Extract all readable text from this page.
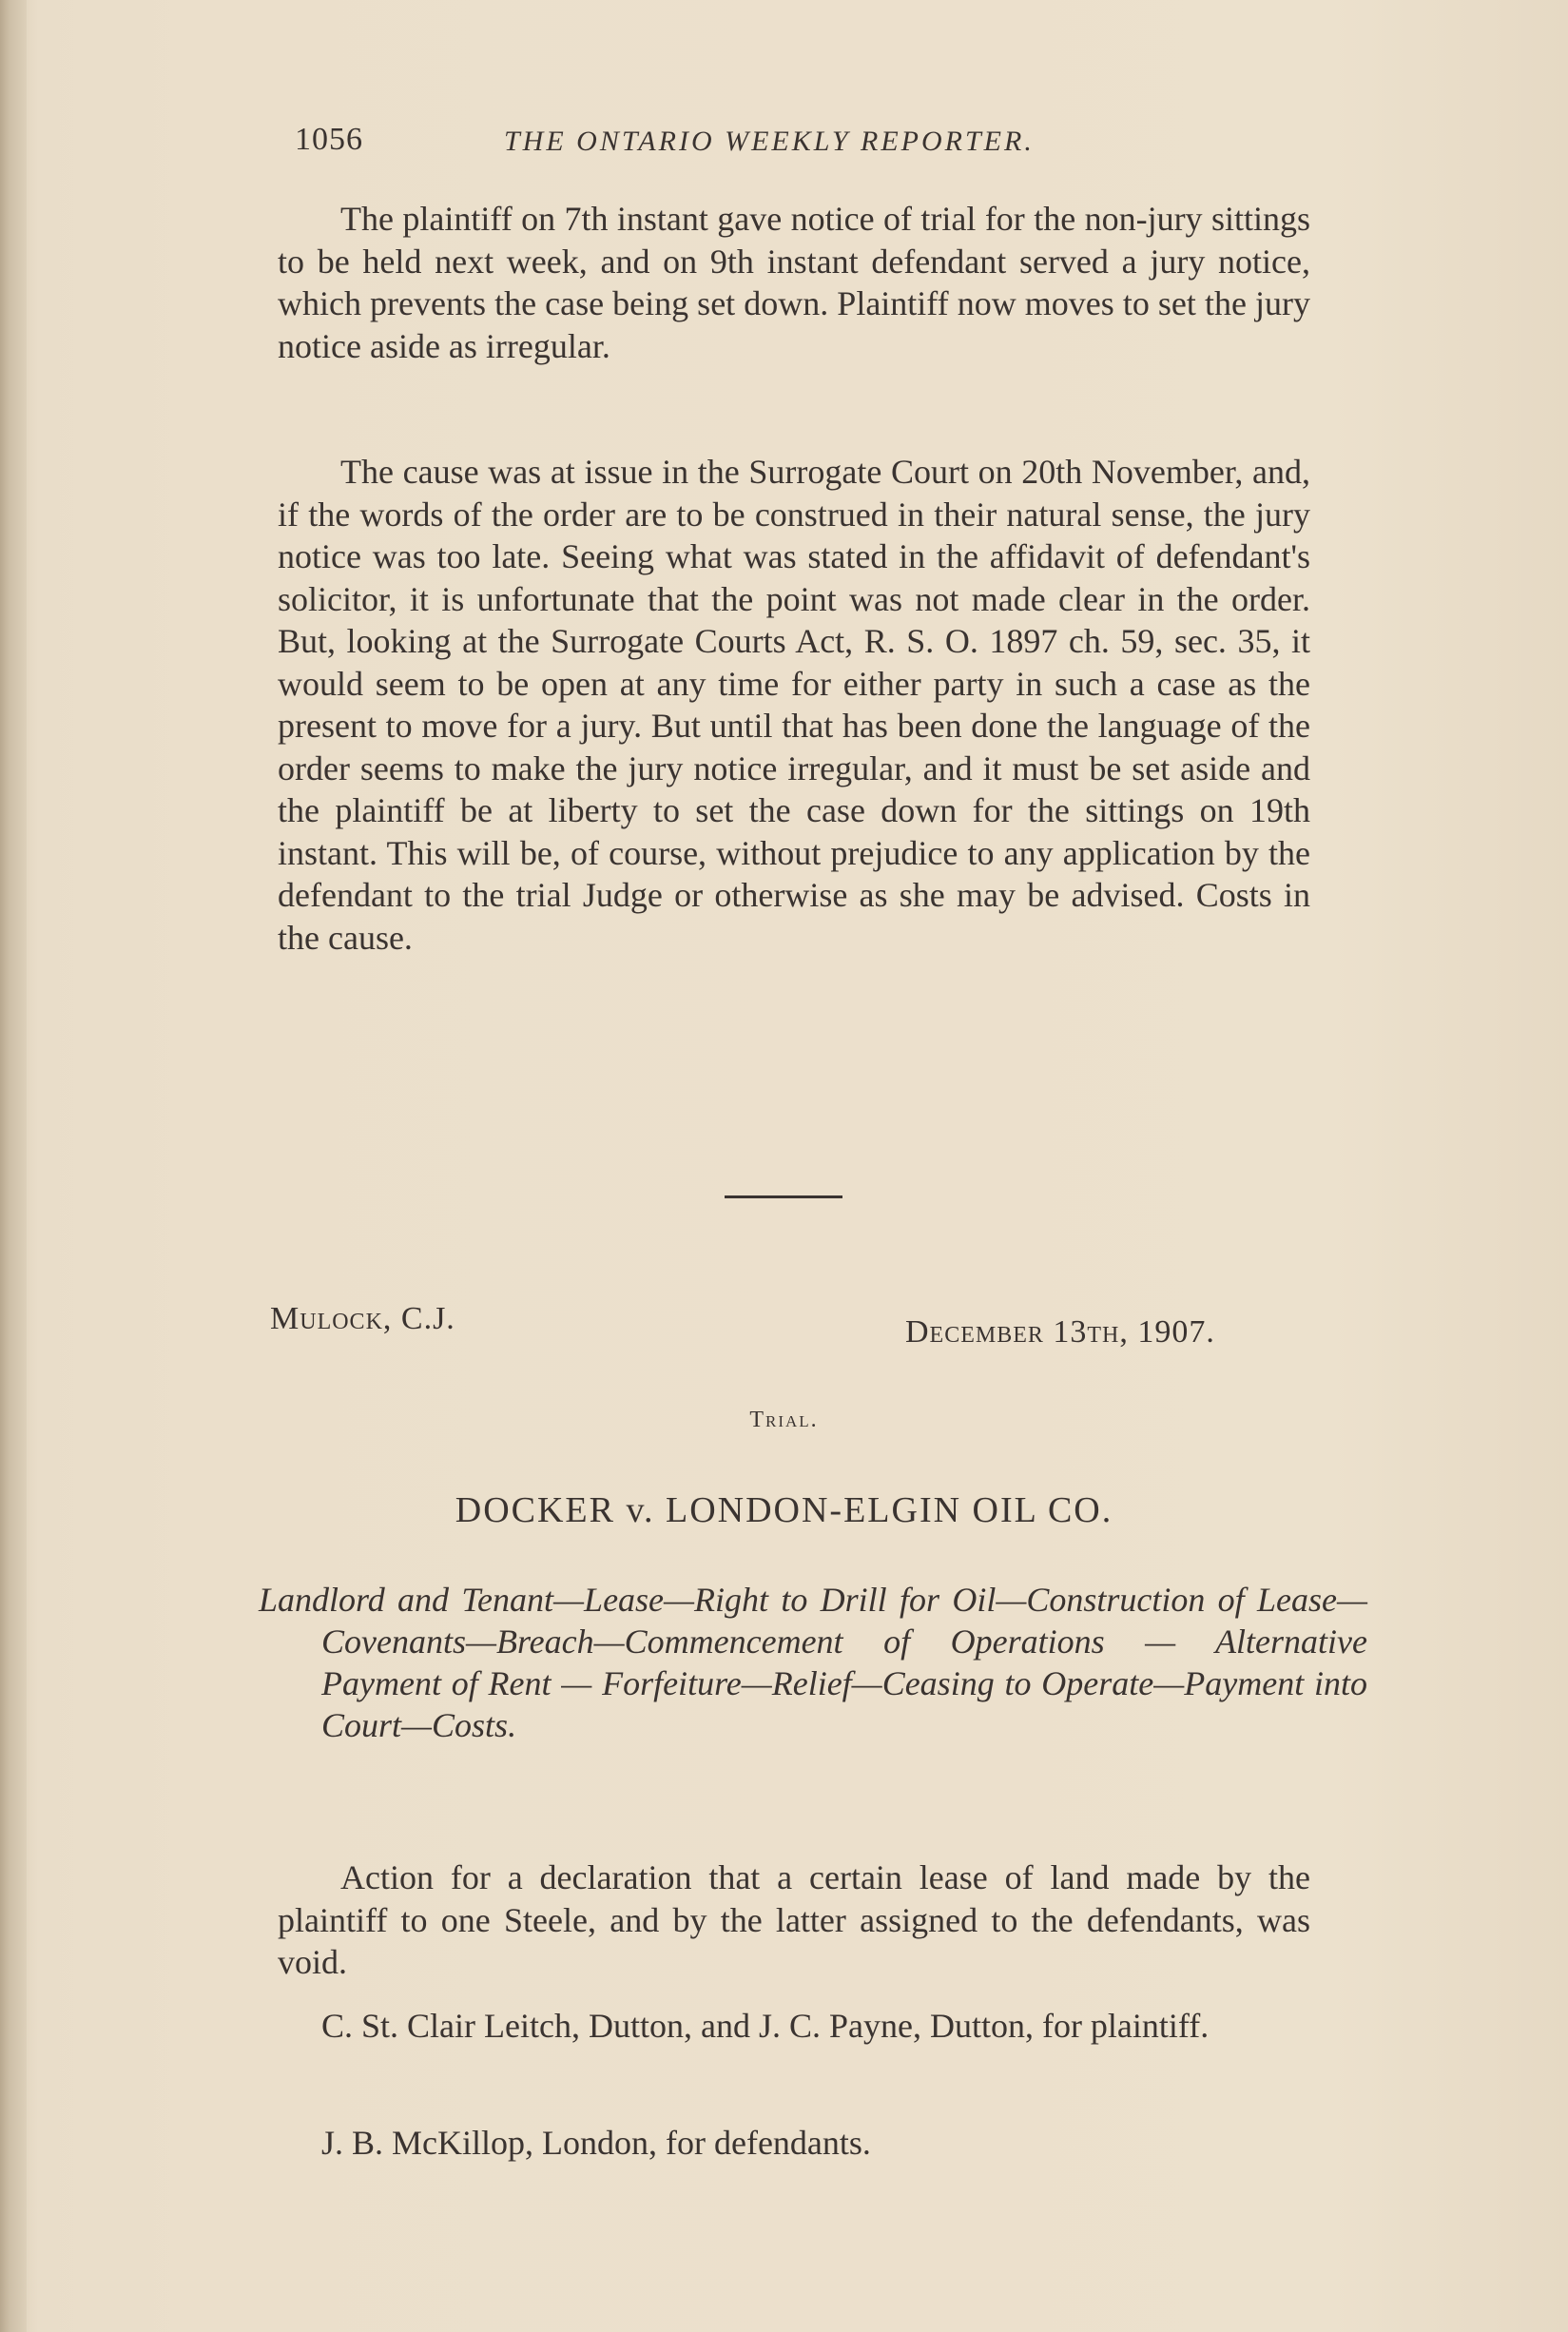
1056	THE ONTARIO WEEKLY REPORTER.

The plaintiff on 7th instant gave notice of trial for the non-jury sittings to be held next week, and on 9th instant defendant served a jury notice, which prevents the case being set down. Plaintiff now moves to set the jury notice aside as irregular.

The cause was at issue in the Surrogate Court on 20th November, and, if the words of the order are to be construed in their natural sense, the jury notice was too late. Seeing what was stated in the affidavit of defendant's solicitor, it is unfortunate that the point was not made clear in the order. But, looking at the Surrogate Courts Act, R. S. O. 1897 ch. 59, sec. 35, it would seem to be open at any time for either party in such a case as the present to move for a jury. But until that has been done the language of the order seems to make the jury notice irregular, and it must be set aside and the plaintiff be at liberty to set the case down for the sittings on 19th instant. This will be, of course, without prejudice to any application by the defendant to the trial Judge or otherwise as she may be advised. Costs in the cause.

Mulock, C.J.	December 13th, 1907.
Trial.
DOCKER v. LONDON-ELGIN OIL CO.

Landlord and Tenant—Lease—Right to Drill for Oil—Construction of Lease—Covenants—Breach—Commencement of Operations — Alternative Payment of Rent — Forfeiture—Relief—Ceasing to Operate—Payment into Court—Costs.

Action for a declaration that a certain lease of land made by the plaintiff to one Steele, and by the latter assigned to the defendants, was void.

C. St. Clair Leitch, Dutton, and J. C. Payne, Dutton, for plaintiff.

J. B. McKillop, London, for defendants.
